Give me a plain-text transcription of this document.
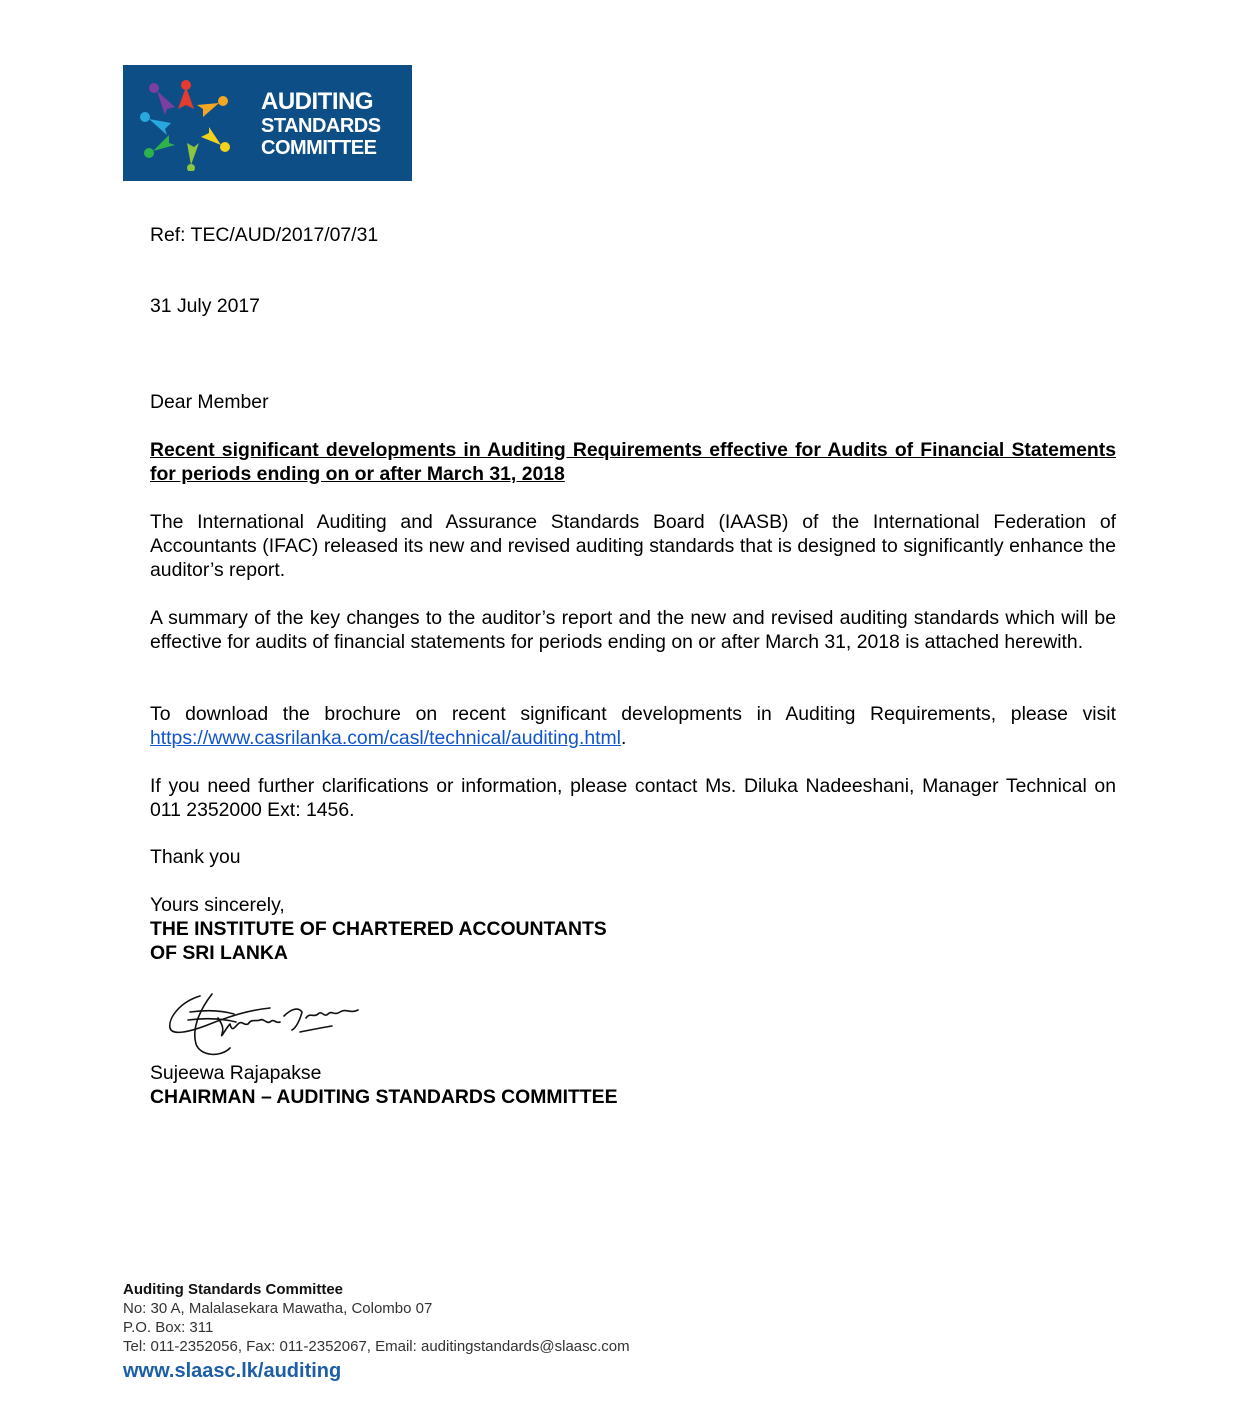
AUDITING
STANDARDS
COMMITTEE
Ref: TEC/AUD/2017/07/31
31 July 2017
Dear Member
Recent significant developments in Auditing Requirements effective for Audits of Financial Statements for periods ending on or after March 31, 2018
The International Auditing and Assurance Standards Board (IAASB) of the International Federation of Accountants (IFAC) released its new and revised auditing standards that is designed to significantly enhance the auditor’s report.
A summary of the key changes to the auditor’s report and the new and revised auditing standards which will be effective for audits of financial statements for periods ending on or after March 31, 2018 is attached herewith.
To download the brochure on recent significant developments in Auditing Requirements, please visit https://www.casrilanka.com/casl/technical/auditing.html.
If you need further clarifications or information, please contact Ms. Diluka Nadeeshani, Manager Technical on 011 2352000 Ext: 1456.
Thank you
Yours sincerely,
THE INSTITUTE OF CHARTERED ACCOUNTANTS
OF SRI LANKA
Sujeewa Rajapakse
CHAIRMAN – AUDITING STANDARDS COMMITTEE
Auditing Standards Committee
No: 30 A, Malalasekara Mawatha, Colombo 07
P.O. Box: 311
Tel: 011-2352056, Fax: 011-2352067, Email: auditingstandards@slaasc.com
www.slaasc.lk/auditing
